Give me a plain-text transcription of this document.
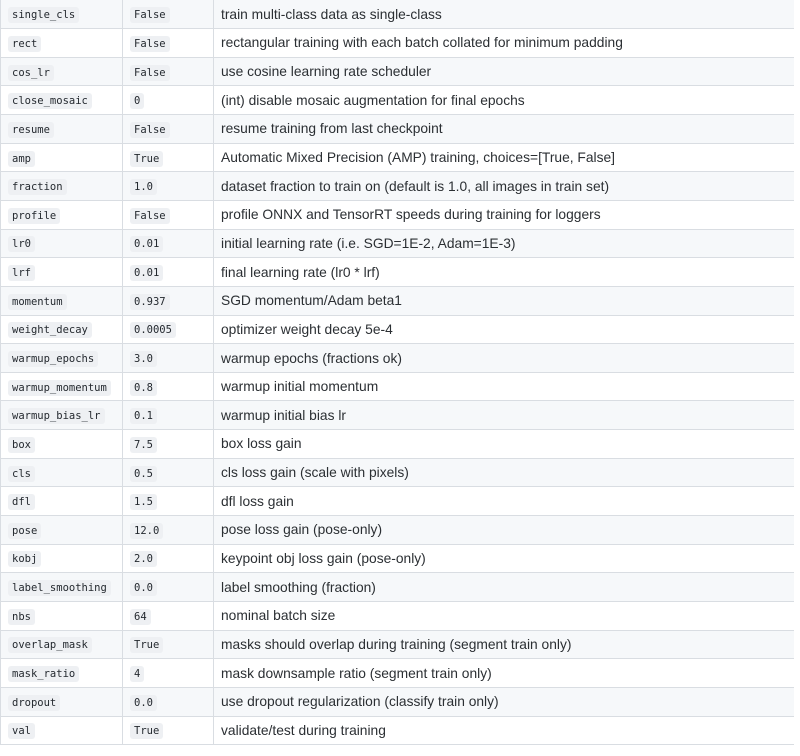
single_cls	False	train multi-class data as single-class
rect	False	rectangular training with each batch collated for minimum padding
cos_lr	False	use cosine learning rate scheduler
close_mosaic	0	(int) disable mosaic augmentation for final epochs
resume	False	resume training from last checkpoint
amp	True	Automatic Mixed Precision (AMP) training, choices=[True, False]
fraction	1.0	dataset fraction to train on (default is 1.0, all images in train set)
profile	False	profile ONNX and TensorRT speeds during training for loggers
lr0	0.01	initial learning rate (i.e. SGD=1E-2, Adam=1E-3)
lrf	0.01	final learning rate (lr0 * lrf)
momentum	0.937	SGD momentum/Adam beta1
weight_decay	0.0005	optimizer weight decay 5e-4
warmup_epochs	3.0	warmup epochs (fractions ok)
warmup_momentum	0.8	warmup initial momentum
warmup_bias_lr	0.1	warmup initial bias lr
box	7.5	box loss gain
cls	0.5	cls loss gain (scale with pixels)
dfl	1.5	dfl loss gain
pose	12.0	pose loss gain (pose-only)
kobj	2.0	keypoint obj loss gain (pose-only)
label_smoothing	0.0	label smoothing (fraction)
nbs	64	nominal batch size
overlap_mask	True	masks should overlap during training (segment train only)
mask_ratio	4	mask downsample ratio (segment train only)
dropout	0.0	use dropout regularization (classify train only)
val	True	validate/test during training
